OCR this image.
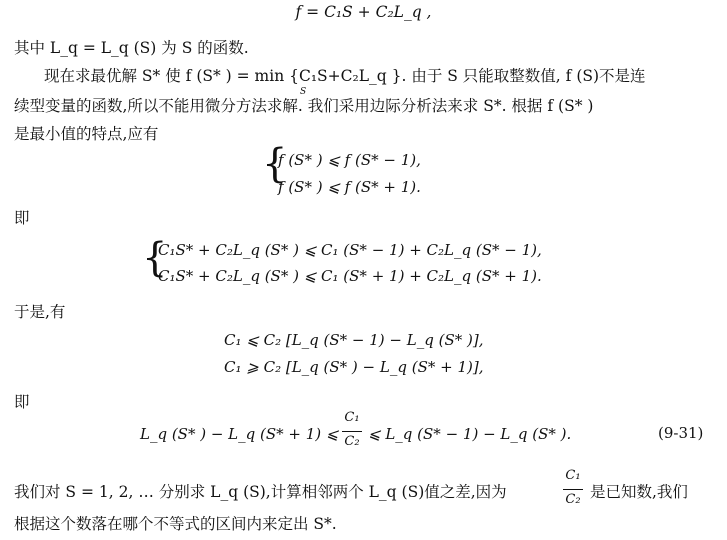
f = C₁S + C₂L_q ,
其中 L_q = L_q (S) 为 S 的函数.
现在求最优解 S* 使 f (S* ) = min {C₁S+C₂L_q }. 由于 S 只能取整数值, f (S)不是连
S
续型变量的函数,所以不能用微分方法求解. 我们采用边际分析法来求 S*. 根据 f (S* )
是最小值的特点,应有
{
f (S* ) ⩽ f (S* − 1),
f (S* ) ⩽ f (S* + 1).
即
{
C₁S* + C₂L_q (S* ) ⩽ C₁ (S* − 1) + C₂L_q (S* − 1),
C₁S* + C₂L_q (S* ) ⩽ C₁ (S* + 1) + C₂L_q (S* + 1).
于是,有
C₁ ⩽ C₂ [L_q (S* − 1) − L_q (S* )],
C₁ ⩾ C₂ [L_q (S* ) − L_q (S* + 1)],
即
L_q (S* ) − L_q (S* + 1) ⩽
C₁
C₂ ⩽ L_q (S* − 1) − L_q (S* ).	(9-31)
我们对 S = 1, 2, … 分别求 L_q (S),计算相邻两个 L_q (S)值之差,因为
C₁
C₂ 是已知数,我们
根据这个数落在哪个不等式的区间内来定出 S*.
